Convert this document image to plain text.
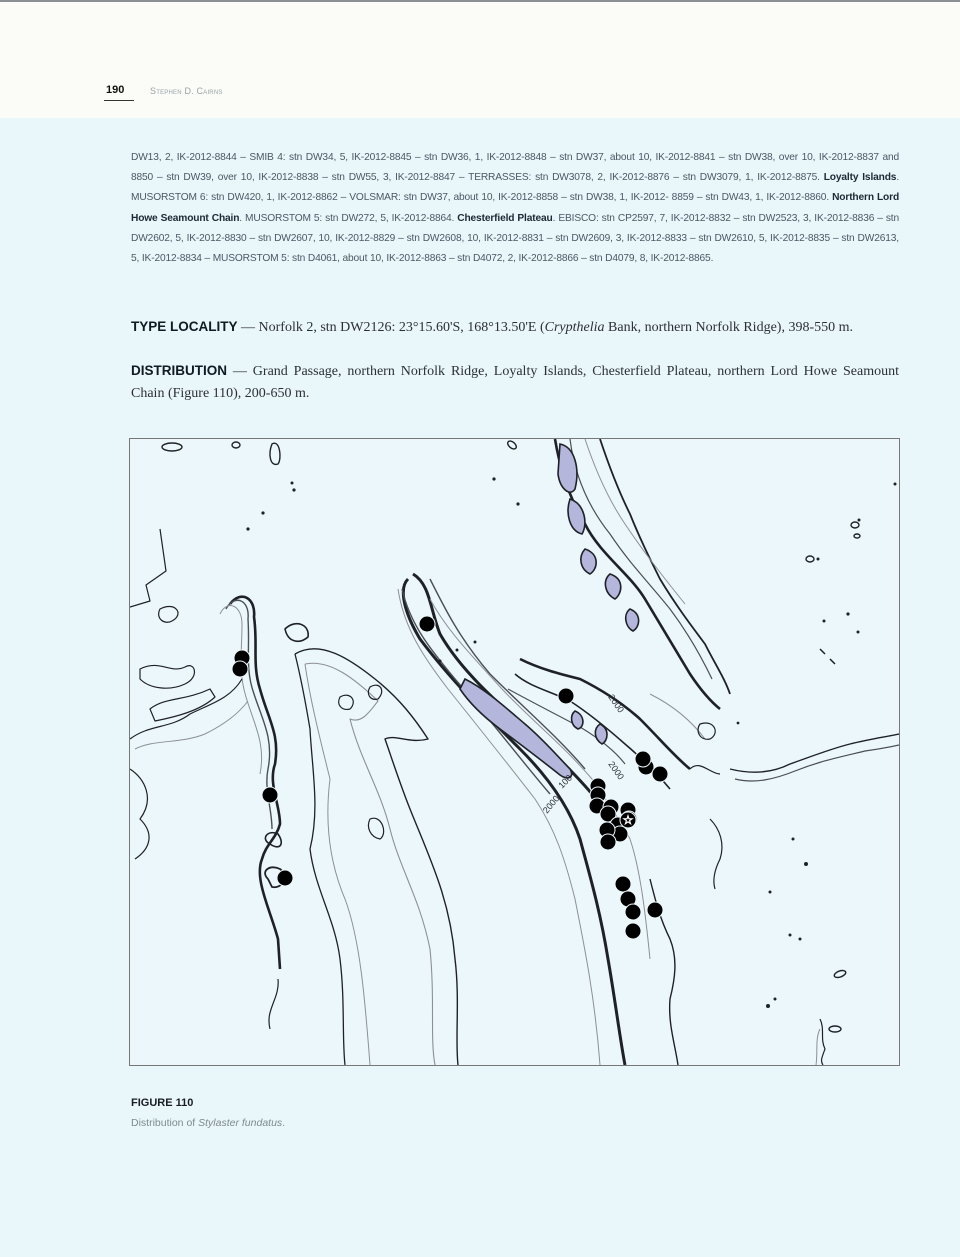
190	Stephen D. Cairns
DW13, 2, IK-2012-8844 – SMIB 4: stn DW34, 5, IK-2012-8845 – stn DW36, 1, IK-2012-8848 – stn DW37, about 10, IK-2012-8841 – stn DW38, over 10, IK-2012-8837 and 8850 – stn DW39, over 10, IK-2012-8838 – stn DW55, 3, IK-2012-8847 – TERRASSES: stn DW3078, 2, IK-2012-8876 – stn DW3079, 1, IK-2012-8875. Loyalty Islands. MUSORSTOM 6: stn DW420, 1, IK-2012-8862 – VOLSMAR: stn DW37, about 10, IK-2012-8858 – stn DW38, 1, IK-2012- 8859 – stn DW43, 1, IK-2012-8860. Northern Lord Howe Seamount Chain. MUSORSTOM 5: stn DW272, 5, IK-2012-8864. Chesterfield Plateau. EBISCO: stn CP2597, 7, IK-2012-8832 – stn DW2523, 3, IK-2012-8836 – stn DW2602, 5, IK-2012-8830 – stn DW2607, 10, IK-2012-8829 – stn DW2608, 10, IK-2012-8831 – stn DW2609, 3, IK-2012-8833 – stn DW2610, 5, IK-2012-8835 – stn DW2613, 5, IK-2012-8834 – MUSORSTOM 5: stn D4061, about 10, IK-2012-8863 – stn D4072, 2, IK-2012-8866 – stn D4079, 8, IK-2012-8865.
TYPE LOCALITY — Norfolk 2, stn DW2126: 23°15.60'S, 168°13.50'E (Crypthelia Bank, northern Norfolk Ridge), 398-550 m.
DISTRIBUTION — Grand Passage, northern Norfolk Ridge, Loyalty Islands, Chesterfield Plateau, northern Lord Howe Seamount Chain (Figure 110), 200-650 m.
2000
2000
100
2000
☆
FIGURE 110
Distribution of Stylaster fundatus.
